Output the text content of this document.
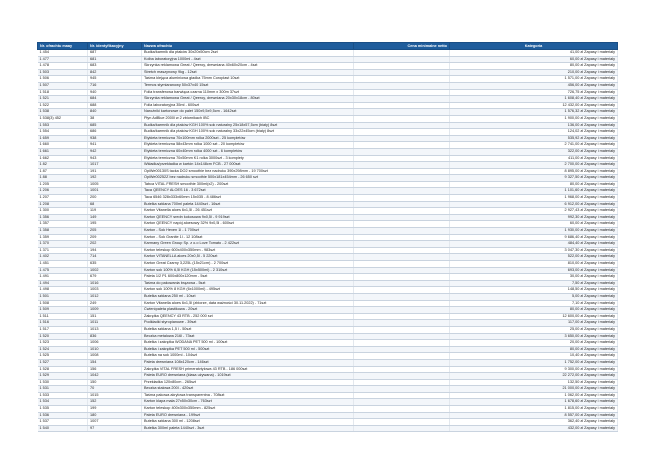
Nr. ofrachtu maay	Nr. identyfikacyjny	Nazwa ofrachtu	Cena minimalne netto	Kategoria
1 454	687	Budka/kamnik dla ptaków 30x20x50cm 2szt		41,00 zł Zapasy i materiały
1 477	681	Kolba laboratoryjna 1000ml - 4szt		60,00 zł Zapasy i materiały
1 478	683	Skrzynka reklamowa Great / Qeeroy, drewniana 40x60x20cm - 4szt		80,00 zł Zapasy i materiały
1 503	842	Stretch maszynowy 9kg - 12szt		210,00 zł Zapasy i materiały
1 506	945	Taśma klejąca aluminiowa gładka 75mm Coroplast 10szt		1 571,00 zł Zapasy i materiały
1 507	716	Termos stymiaranowy 50x37x40 15szt		456,00 zł Zapasy i materiały
1 518	940	Folia transferowa barwiąca czarna 110mm x 300m 37szt		726,75 zł Zapasy i materiały
1 521	684	Skrzynka reklamowa Great / Qeeroy, drewniana 20x30x18cm - 80szt		1 608,40 zł Zapasy i materiały
1 522	688	Folia laboratoryjna 35ml - 600szt		12 432,00 zł Zapasy i materiały
1 538	840	Narożniki kartonowe do palet 150x9,5x9,5cm - 1642szt		1 576,32 zł Zapasy i materiały
1 538(3) 452	38	Płyn AdBlue 2000l w 2 zbiornikach IBC		1 900,00 zł Zapasy i materiały
1 553	685	Budka/karmnik dla ptaków KGH 100% sok naturalny 25x18x57,5cm (biały) 8szt		136,00 zł Zapasy i materiały
1 554	686	Budka/karmnik dla ptaków KGH 100% sok naturalny 33x22x45cm (biały) 8szt		124,02 zł Zapasy i materiały
1 659	938	Etykieta termiczna 70x100mm rolka 2000szt - 25 kompletów		535,92 zł Zapasy i materiały
1 660	941	Etykieta termiczna 58x43mm rolka 1000 szt - 20 kompletów		2 741,00 zł Zapasy i materiały
1 661	942	Etykieta termiczna 60x40mm rolka 4000 szt - 6 kompletów		322,00 zł Zapasy i materiały
1 662	943	Etykieta termiczna 70x50mm K1 rolka 3000szt - 3 komplety		411,00 zł Zapasy i materiały
1 82	1017	Wkładka/przekładka w kartón 14x148cm FCB - 27 000szt		2 700,00 zł Zapasy i materiały
1 87	191	OpiWe00130S tacka DO2 smoothie bez nadruku 390x298mm - 19 700szt		8 895,00 zł Zapasy i materiały
1 88	192	OpiWe00252Z bez nadruku smoothie 500x181x454mm - 26 650 szt		9 327,50 zł Zapasy i materiały
1 205	1005	Tabca VITAL FRESH smoothie 300ml(x2) - 200szt		80,00 zł Zapasy i materiały
1 206	1001	Taca QEENCY ALOES 16 - 3 672szt		1 101,60 zł Zapasy i materiały
1 207	200	Taca 6546 328x333x60mm 15x035 - 8 486szt		1 968,00 zł Zapasy i materiały
1 208	68	Butelka szklana 700ml paleta 1440szt - 16szt		6 912,00 zł Zapasy i materiały
1 300	119	Karton Vitanella aloes 6x1,5l - 26 451szt		2 927,43 zł Zapasy i materiały
1 356	149	Karton QEENCY sredn kokosowa 9x0,5l - 9 919szt		992,30 zł Zapasy i materiały
1 357	195	Karton QEENCY napój aloesowy 32% 9x0,5l - 600szt		60,00 zł Zapasy i materiały
1 358	205	Karton - Sok Hexen 1l - 1 700szt		1 930,00 zł Zapasy i materiały
1 359	209	Karton - Sok Granite 1l - 12 108szt		9 686,40 zł Zapasy i materiały
1 370	202	Karmany Green Group Sp. z o.o Love Tomato - 2 422szt		484,40 zł Zapasy i materiały
1 371	194	Karton teleskop 600x400x350mm - 983szt		3 047,30 zł Zapasy i materiały
1 402	714	Karton VITANELLA aloes 20x0,5l - 5 220szt		522,00 zł Zapasy i materiały
1 451	635	Karton Great Czarny 3,225L (15x21cm) - 2 700szt		810,00 zł Zapasy i materiały
1 475	1002	Karton sok 100% 6,5l KGH (15x500ml) - 2 310szt		693,00 zł Zapasy i materiały
1 491	679	Paleta 1/2 P1 600x800x120mm - 5szt		30,00 zł Zapasy i materiały
1 494	1016	Taśma do pakowania brązowa - 5szt		7,50 zł Zapasy i materiały
1 498	1003	Karton sok 100% 8 KGH (6x1000ml) - 495szt		148,50 zł Zapasy i materiały
1 501	1012	Butelka szklana 250 ml - 10szt		5,00 zł Zapasy i materiały
1 508	249	Karton Vitanella aloes 6x1,5l (zbiorze, data ważności 30.11.2022) - 71szt		7,10 zł Zapasy i materiały
1 509	1009	Ćwierćpaleta plastikowa - 20szt		80,00 zł Zapasy i materiały
1 511	151	Zakrętka QEENCY 43 RTB - 252 000 szt		12 600,00 zł Zapasy i materiały
1 516	1011	Podkładki styropianowe - 39szt		117,00 zł Zapasy i materiały
1 517	1013	Butelka szklana 1,5 l - 50szt		25,00 zł Zapasy i materiały
1 520	836	Beczka metalowa 216l - 73szt		3 650,00 zł Zapasy i materiały
1 523	1006	Butelka i zakrętka WODANA PET 500 ml - 100szt		20,00 zł Zapasy i materiały
1 524	1010	Butelka i zakrętka PET 500 ml - 500szt		80,00 zł Zapasy i materiały
1 525	1008	Butelka na sok 1000ml - 104szt		10,40 zł Zapasy i materiały
1 527	154	Paleta drewniana 108x120cm - 146szt		1 752,00 zł Zapasy i materiały
1 528	156	Zakrętka VITAL FRESH primeratvtylowa 43 RTB - 186 000szt		9 300,00 zł Zapasy i materiały
1 529	1042	Paleta EURO drewniana (klasa używana) - 1019szt		22 272,00 zł Zapasy i materiały
1 530	150	Przekładka 120x80cm - 265szt		132,50 zł Zapasy i materiały
1 531	70	Beczka stalowa 200l - 420szt		21 000,00 zł Zapasy i materiały
1 533	1015	Taśma pakowa akrylowa transparentna - 708szt		1 062,00 zł Zapasy i materiały
1 534	152	Karton klapa mała 27x50x30cm - 763szt		1 678,60 zł Zapasy i materiały
1 535	199	Karton teleskop 400x300x350mm - 825szt		1 815,00 zł Zapasy i materiały
1 536	180	Paleta EURO drewniana - 199szt		8 557,00 zł Zapasy i materiały
1 537	1007	Butelka szklana 300 ml - 1208szt		362,40 zł Zapasy i materiały
1 540	97	Butelka 300ml paleta 1440szt - 3szt		432,00 zł Zapasy i materiały
